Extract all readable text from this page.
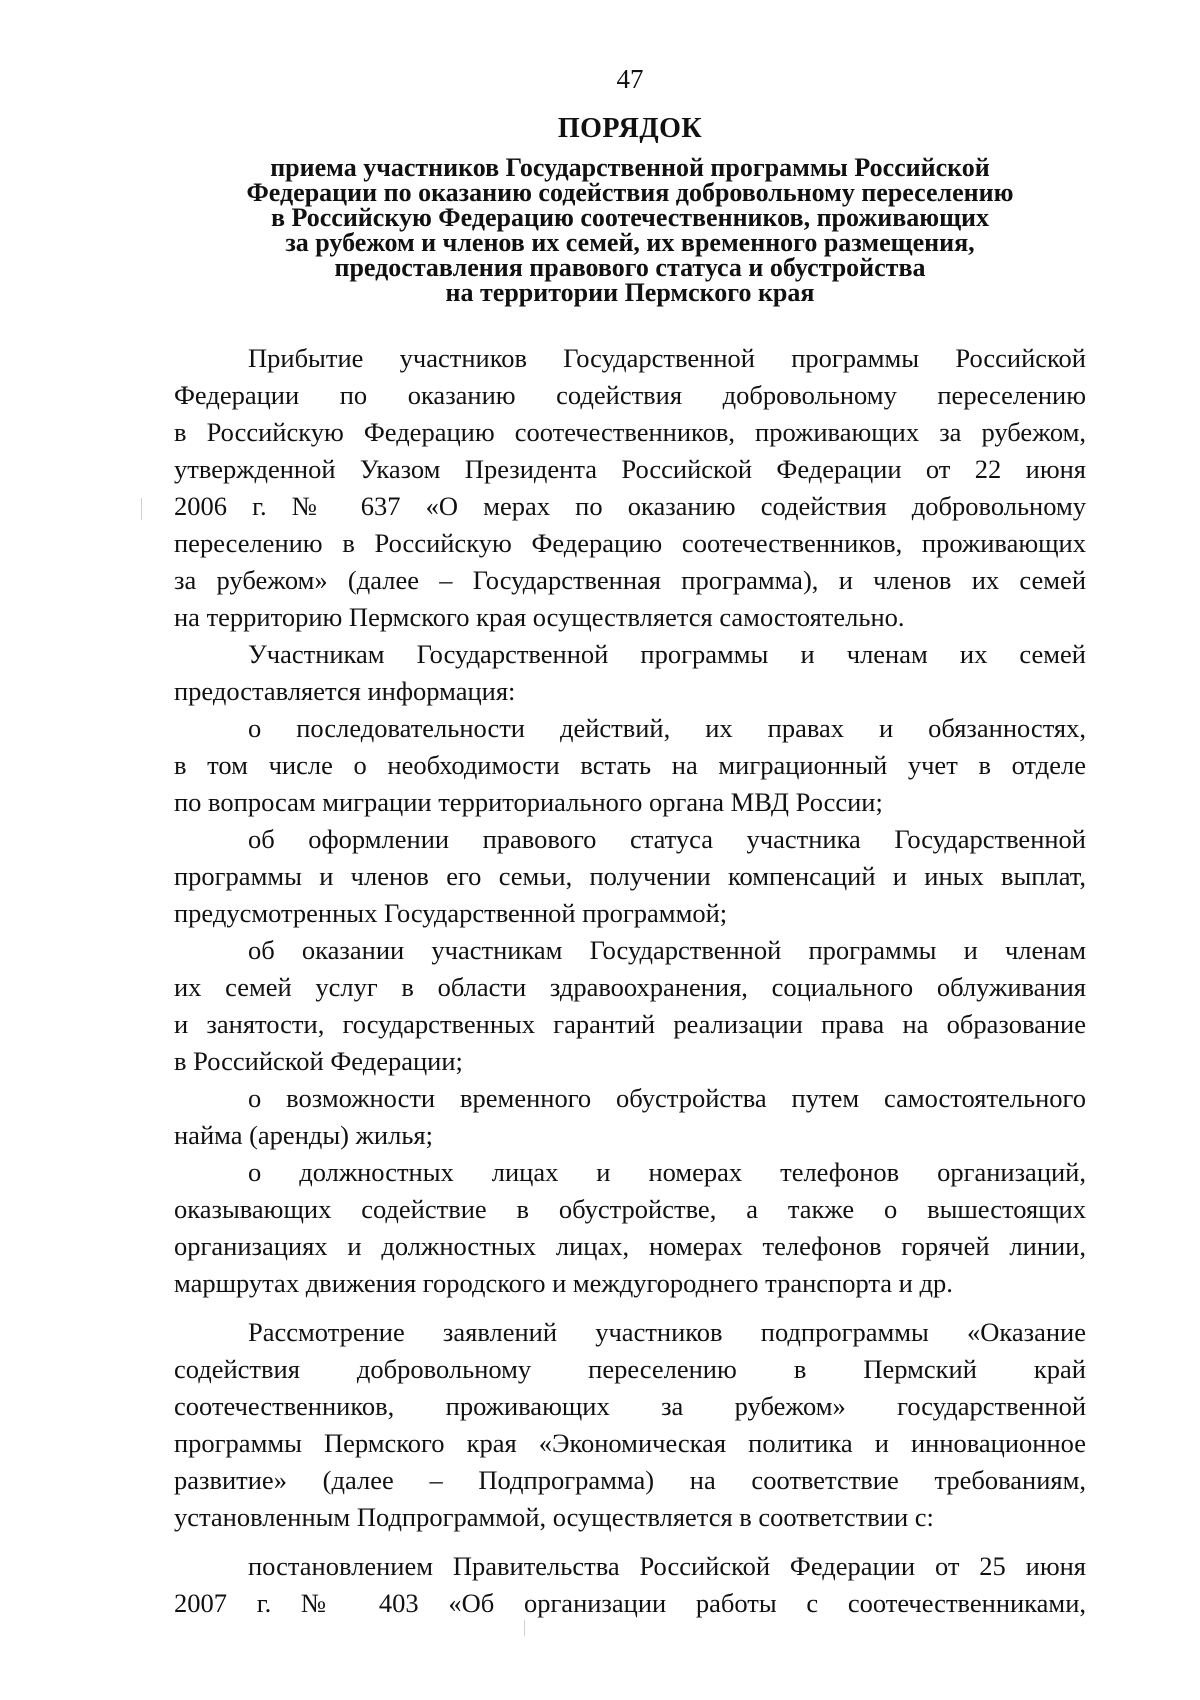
47
ПОРЯДОК
приема участников Государственной программы Российской
Федерации по оказанию содействия добровольному переселению
в Российскую Федерацию соотечественников, проживающих
за рубежом и членов их семей, их временного размещения,
предоставления правового статуса и обустройства
на территории Пермского края
Прибытие участников Государственной программы Российской
Федерации по оказанию содействия добровольному переселению
в Российскую Федерацию соотечественников, проживающих за рубежом,
утвержденной Указом Президента Российской Федерации от 22 июня
2006 г. № 637 «О мерах по оказанию содействия добровольному
переселению в Российскую Федерацию соотечественников, проживающих
за рубежом» (далее – Государственная программа), и членов их семей
на территорию Пермского края осуществляется самостоятельно.
Участникам Государственной программы и членам их семей
предоставляется информация:
о последовательности действий, их правах и обязанностях,
в том числе о необходимости встать на миграционный учет в отделе
по вопросам миграции территориального органа МВД России;
об оформлении правового статуса участника Государственной
программы и членов его семьи, получении компенсаций и иных выплат,
предусмотренных Государственной программой;
об оказании участникам Государственной программы и членам
их семей услуг в области здравоохранения, социального облуживания
и занятости, государственных гарантий реализации права на образование
в Российской Федерации;
о возможности временного обустройства путем самостоятельного
найма (аренды) жилья;
о должностных лицах и номерах телефонов организаций,
оказывающих содействие в обустройстве, а также о вышестоящих
организациях и должностных лицах, номерах телефонов горячей линии,
маршрутах движения городского и междугороднего транспорта и др.
Рассмотрение заявлений участников подпрограммы «Оказание
содействия добровольному переселению в Пермский край
соотечественников, проживающих за рубежом» государственной
программы Пермского края «Экономическая политика и инновационное
развитие» (далее – Подпрограмма) на соответствие требованиям,
установленным Подпрограммой, осуществляется в соответствии с:
постановлением Правительства Российской Федерации от 25 июня
2007 г. № 403 «Об организации работы с соотечественниками,
